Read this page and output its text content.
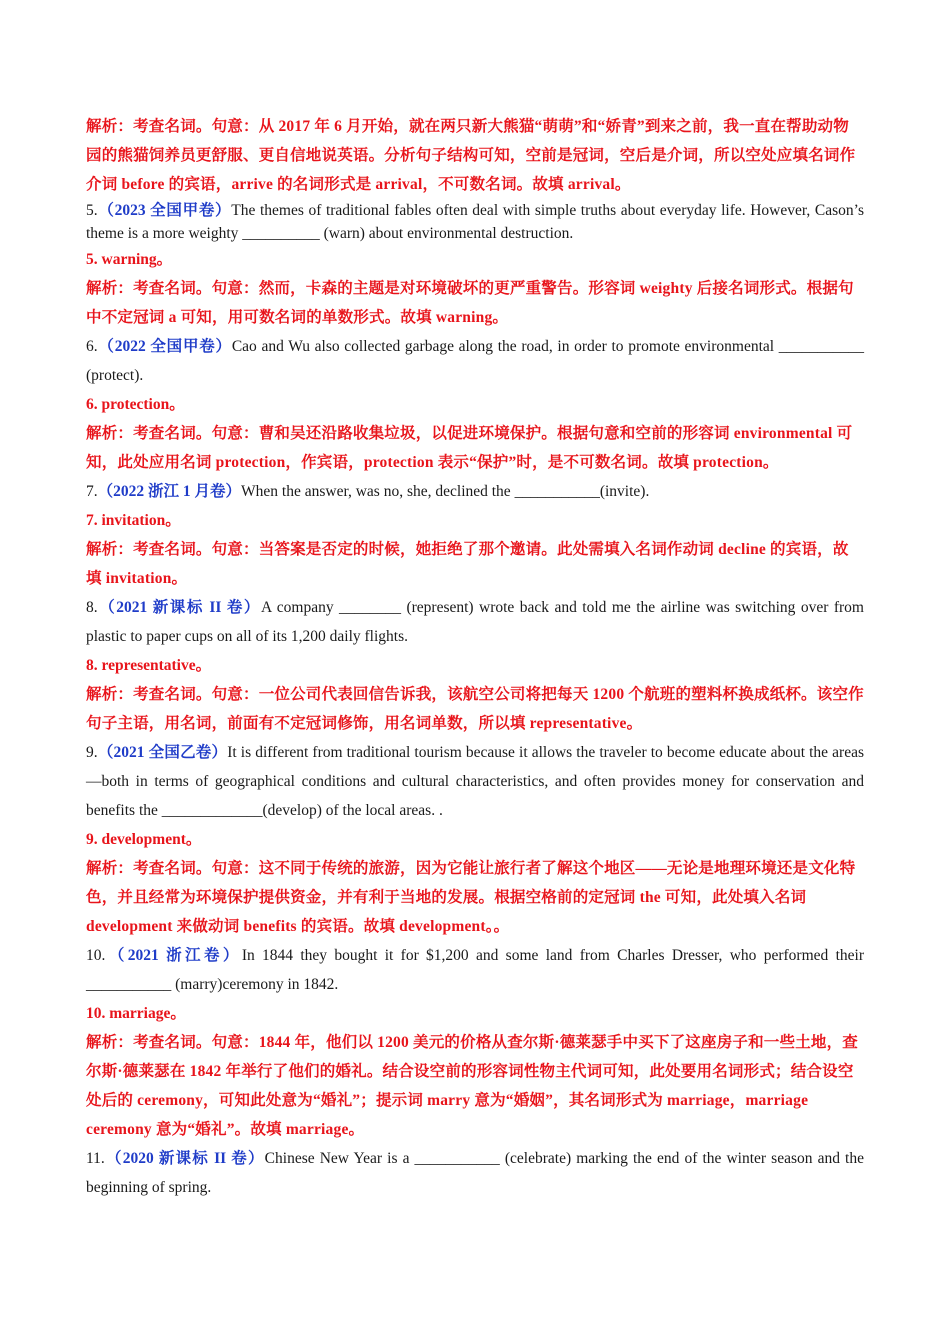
解析：考查名词。句意：从 2017 年 6 月开始，就在两只新大熊猫“萌萌”和“娇青”到来之前，我一直在帮助动物园的熊猫饲养员更舒服、更自信地说英语。分析句子结构可知，空前是冠词，空后是介词，所以空处应填名词作介词 before 的宾语，arrive 的名词形式是 arrival，不可数名词。故填 arrival。

5.（2023 全国甲卷）The themes of traditional fables often deal with simple truths about everyday life. However, Cason’s theme is a more weighty __________ (warn) about environmental destruction.

5. warning。

解析：考查名词。句意：然而，卡森的主题是对环境破坏的更严重警告。形容词 weighty 后接名词形式。根据句中不定冠词 a 可知，用可数名词的单数形式。故填 warning。

6.（2022 全国甲卷）Cao and Wu also collected garbage along the road, in order to promote environmental ___________ (protect).

6. protection。

解析：考查名词。句意：曹和吴还沿路收集垃圾，以促进环境保护。根据句意和空前的形容词 environmental 可知，此处应用名词 protection，作宾语，protection 表示“保护”时，是不可数名词。故填 protection。

7.（2022 浙江 1 月卷）When the answer, was no, she, declined the ___________(invite).

7. invitation。

解析：考查名词。句意：当答案是否定的时候，她拒绝了那个邀请。此处需填入名词作动词 decline 的宾语，故填 invitation。

8.（2021 新课标 II 卷）A company ________ (represent) wrote back and told me the airline was switching over from plastic to paper cups on all of its 1,200 daily flights.

8. representative。

解析：考查名词。句意：一位公司代表回信告诉我，该航空公司将把每天 1200 个航班的塑料杯换成纸杯。该空作句子主语，用名词，前面有不定冠词修饰，用名词单数，所以填 representative。

9.（2021 全国乙卷）It is different from traditional tourism because it allows the traveler to become educate about the areas—both in terms of geographical conditions and cultural characteristics, and often provides money for conservation and benefits the _____________(develop) of the local areas. .

9. development。

解析：考查名词。句意：这不同于传统的旅游，因为它能让旅行者了解这个地区——无论是地理环境还是文化特色，并且经常为环境保护提供资金，并有利于当地的发展。根据空格前的定冠词 the 可知，此处填入名词 development 来做动词 benefits 的宾语。故填 development。。

10.（2021 浙江卷）In 1844 they bought it for $1,200 and some land from Charles Dresser, who performed their ___________ (marry)ceremony in 1842.

10. marriage。

解析：考查名词。句意：1844 年，他们以 1200 美元的价格从查尔斯·德莱瑟手中买下了这座房子和一些土地，查尔斯·德莱瑟在 1842 年举行了他们的婚礼。结合设空前的形容词性物主代词可知，此处要用名词形式；结合设空处后的 ceremony，可知此处意为“婚礼”；提示词 marry 意为“婚姻”，其名词形式为 marriage，marriage ceremony 意为“婚礼”。故填 marriage。

11.（2020 新课标 II 卷）Chinese New Year is a ___________ (celebrate) marking the end of the winter season and the beginning of spring.
